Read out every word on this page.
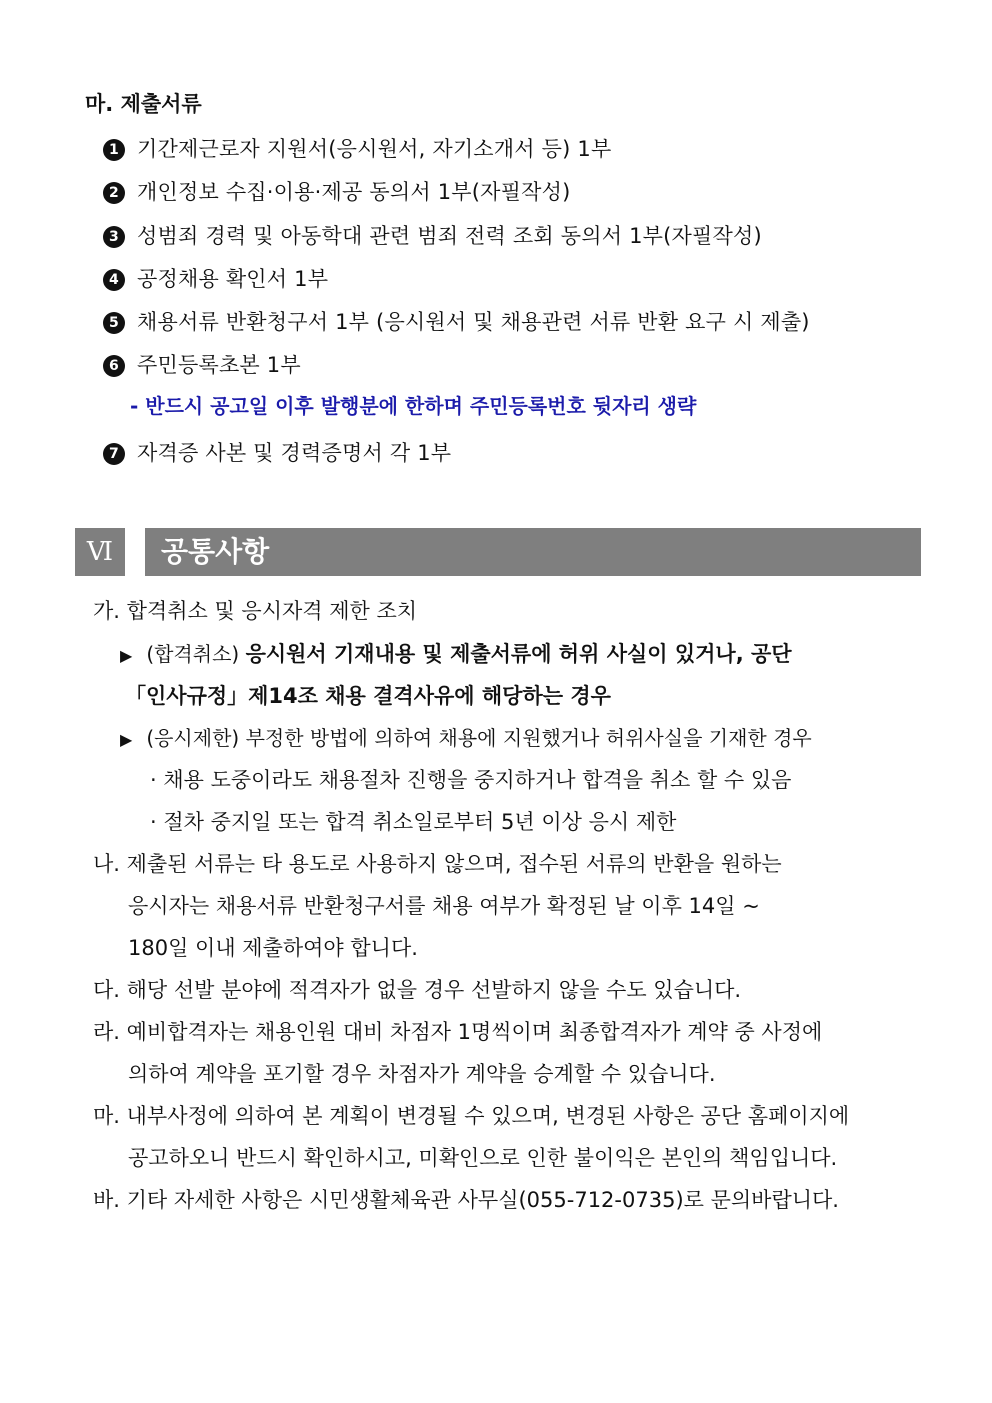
마. 제출서류
1 기간제근로자 지원서(응시원서, 자기소개서 등) 1부
2 개인정보 수집·이용·제공 동의서 1부(자필작성)
3 성범죄 경력 및 아동학대 관련 범죄 전력 조회 동의서 1부(자필작성)
4 공정채용 확인서 1부
5 채용서류 반환청구서 1부 (응시원서 및 채용관련 서류 반환 요구 시 제출)
6 주민등록초본 1부
- 반드시 공고일 이후 발행분에 한하며 주민등록번호 뒷자리 생략
7 자격증 사본 및 경력증명서 각 1부
Ⅵ	공통사항
가. 합격취소 및 응시자격 제한 조치
▶ (합격취소) 응시원서 기재내용 및 제출서류에 허위 사실이 있거나, 공단
「인사규정」제14조 채용 결격사유에 해당하는 경우
▶ (응시제한) 부정한 방법에 의하여 채용에 지원했거나 허위사실을 기재한 경우
· 채용 도중이라도 채용절차 진행을 중지하거나 합격을 취소 할 수 있음
· 절차 중지일 또는 합격 취소일로부터 5년 이상 응시 제한
나. 제출된 서류는 타 용도로 사용하지 않으며, 접수된 서류의 반환을 원하는
응시자는 채용서류 반환청구서를 채용 여부가 확정된 날 이후 14일 ~
180일 이내 제출하여야 합니다.
다. 해당 선발 분야에 적격자가 없을 경우 선발하지 않을 수도 있습니다.
라. 예비합격자는 채용인원 대비 차점자 1명씩이며 최종합격자가 계약 중 사정에
의하여 계약을 포기할 경우 차점자가 계약을 승계할 수 있습니다.
마. 내부사정에 의하여 본 계획이 변경될 수 있으며, 변경된 사항은 공단 홈페이지에
공고하오니 반드시 확인하시고, 미확인으로 인한 불이익은 본인의 책임입니다.
바. 기타 자세한 사항은 시민생활체육관 사무실(055-712-0735)로 문의바랍니다.
